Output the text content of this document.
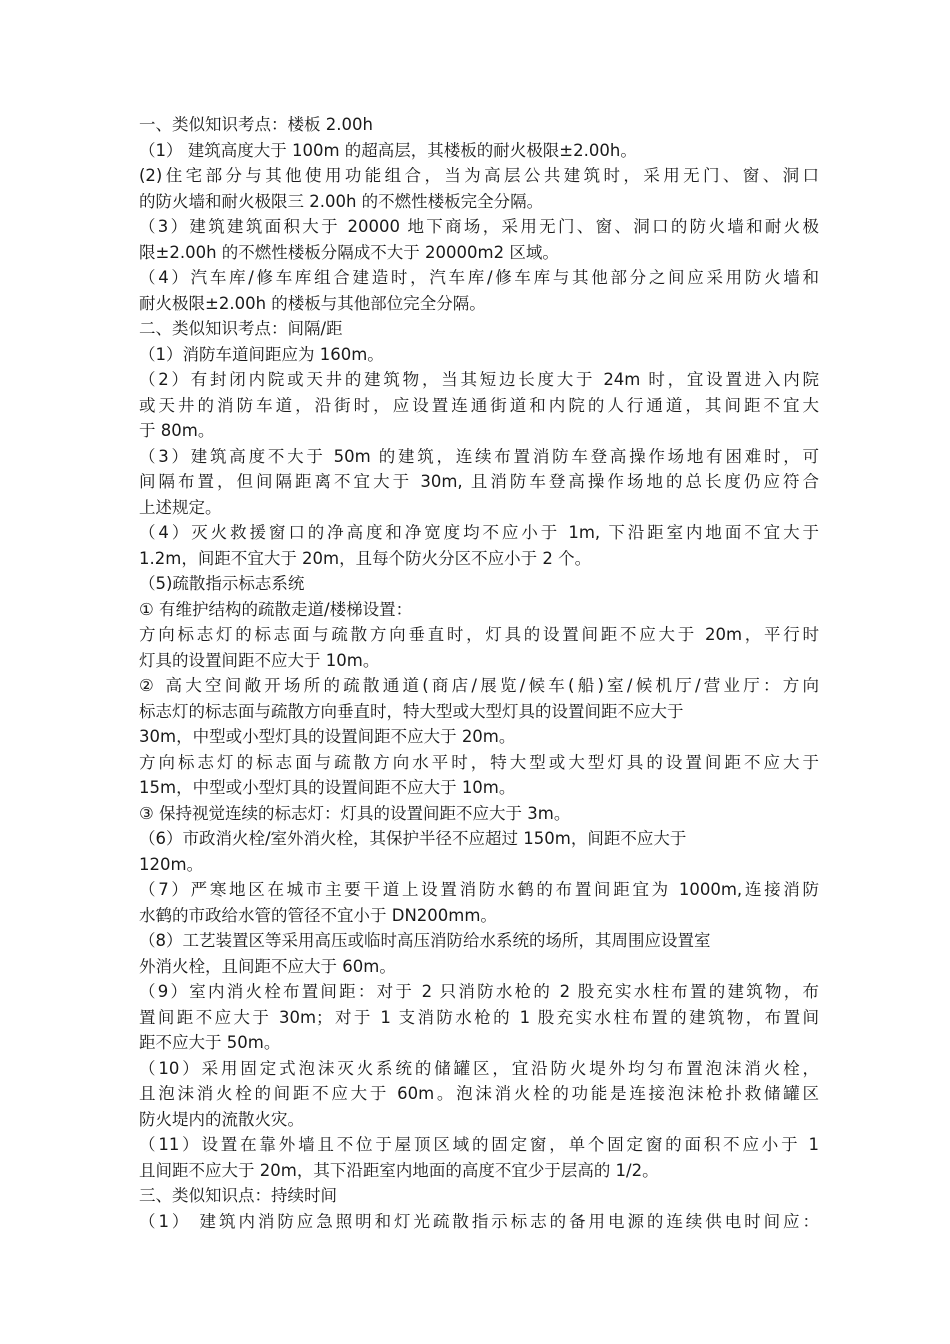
一、类似知识考点：楼板 2.00h
（1） 建筑高度大于 100m 的超高层，其楼板的耐火极限±2.00h。
(2)住宅部分与其他使用功能组合，当为高层公共建筑时，采用无门、窗、洞口
的防火墙和耐火极限三 2.00h 的不燃性楼板完全分隔。
（3）建筑建筑面积大于 20000 地下商场，采用无门、窗、洞口的防火墙和耐火极
限±2.00h 的不燃性楼板分隔成不大于 20000m2 区域。
（4）汽车库/修车库组合建造时，汽车库/修车库与其他部分之间应采用防火墙和
耐火极限±2.00h 的楼板与其他部位完全分隔。
二、类似知识考点：间隔/距
（1）消防车道间距应为 160m。
（2）有封闭内院或天井的建筑物，当其短边长度大于 24m 时，宜设置进入内院
或天井的消防车道，沿街时，应设置连通街道和内院的人行通道，其间距不宜大
于 80m。
（3）建筑高度不大于 50m 的建筑，连续布置消防车登高操作场地有困难时，可
间隔布置，但间隔距离不宜大于 30m, 且消防车登高操作场地的总长度仍应符合
上述规定。
（4）灭火救援窗口的净高度和净宽度均不应小于 1m, 下沿距室内地面不宜大于
1.2m，间距不宜大于 20m，且每个防火分区不应小于 2 个。
（5)疏散指示标志系统
① 有维护结构的疏散走道/楼梯设置：
方向标志灯的标志面与疏散方向垂直时，灯具的设置间距不应大于 20m，平行时
灯具的设置间距不应大于 10m。
② 高大空间敞开场所的疏散通道(商店/展览/候车(船)室/候机厅/营业厅：方向
标志灯的标志面与疏散方向垂直时，特大型或大型灯具的设置间距不应大于
30m，中型或小型灯具的设置间距不应大于 20m。
方向标志灯的标志面与疏散方向水平时，特大型或大型灯具的设置间距不应大于
15m，中型或小型灯具的设置间距不应大于 10m。
③ 保持视觉连续的标志灯：灯具的设置间距不应大于 3m。
（6）市政消火栓/室外消火栓，其保护半径不应超过 150m，间距不应大于
120m。
（7）严寒地区在城市主要干道上设置消防水鹤的布置间距宜为 1000m,连接消防
水鹤的市政给水管的管径不宜小于 DN200mm。
（8）工艺装置区等采用高压或临时高压消防给水系统的场所，其周围应设置室
外消火栓，且间距不应大于 60m。
（9）室内消火栓布置间距：对于 2 只消防水枪的 2 股充实水柱布置的建筑物，布
置间距不应大于 30m；对于 1 支消防水枪的 1 股充实水柱布置的建筑物，布置间
距不应大于 50m。
（10）采用固定式泡沫灭火系统的储罐区，宜沿防火堤外均匀布置泡沫消火栓，
且泡沫消火栓的间距不应大于 60m。泡沫消火栓的功能是连接泡沫枪扑救储罐区
防火堤内的流散火灾。
（11）设置在靠外墙且不位于屋顶区域的固定窗，单个固定窗的面积不应小于 1
且间距不应大于 20m，其下沿距室内地面的高度不宜少于层高的 1/2。
三、类似知识点：持续时间
（1） 建筑内消防应急照明和灯光疏散指示标志的备用电源的连续供电时间应：
